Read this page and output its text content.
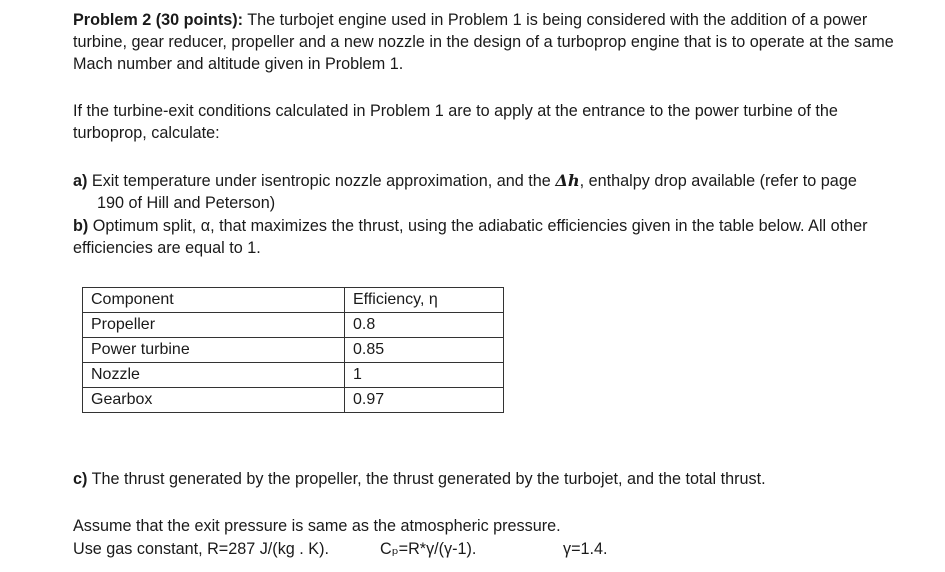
Problem 2 (30 points): The turbojet engine used in Problem 1 is being considered with the addition of a power turbine, gear reducer, propeller and a new nozzle in the design of a turboprop engine that is to operate at the same Mach number and altitude given in Problem 1.

If the turbine-exit conditions calculated in Problem 1 are to apply at the entrance to the power turbine of the turboprop, calculate:

a) Exit temperature under isentropic nozzle approximation, and the Δh, enthalpy drop available (refer to page
190 of Hill and Peterson)

b) Optimum split, α, that maximizes the thrust, using the adiabatic efficiencies given in the table below. All other efficiencies are equal to 1.

Component	Efficiency, η
Propeller	0.8
Power turbine	0.85
Nozzle	1
Gearbox	0.97

c) The thrust generated by the propeller, the thrust generated by the turbojet, and the total thrust.

Assume that the exit pressure is same as the atmospheric pressure.

Use gas constant, R=287 J/(kg . K).	Cₚ=R*γ/(γ-1).	γ=1.4.
